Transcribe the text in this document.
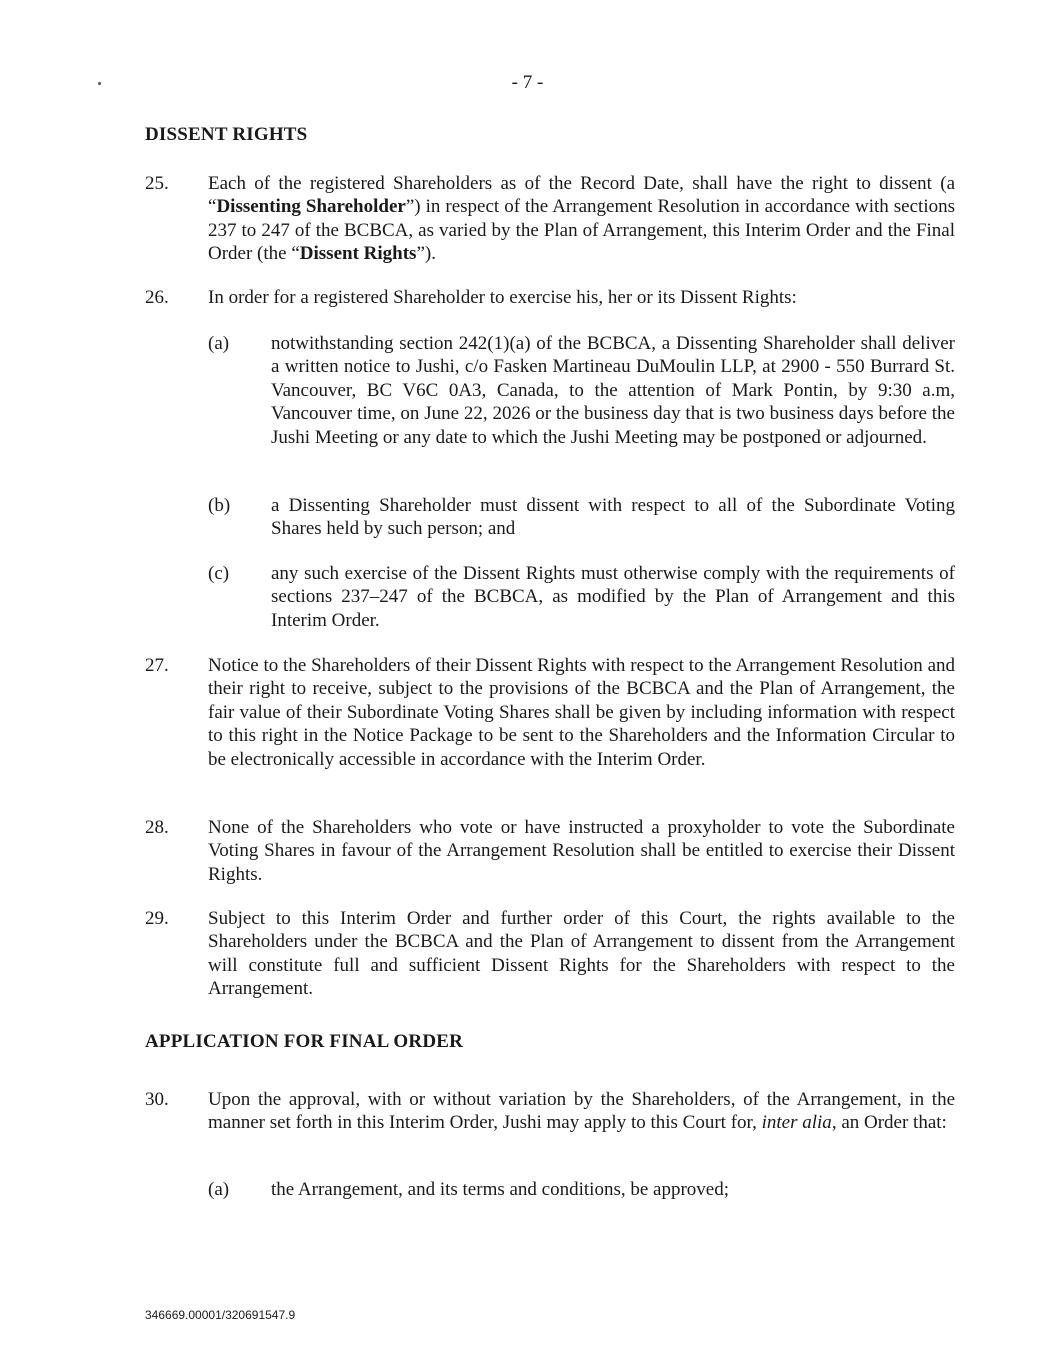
- 7 -
DISSENT RIGHTS
25. Each of the registered Shareholders as of the Record Date, shall have the right to dissent (a “Dissenting Shareholder”) in respect of the Arrangement Resolution in accordance with sections 237 to 247 of the BCBCA, as varied by the Plan of Arrangement, this Interim Order and the Final Order (the “Dissent Rights”).
26. In order for a registered Shareholder to exercise his, her or its Dissent Rights:
(a) notwithstanding section 242(1)(a) of the BCBCA, a Dissenting Shareholder shall deliver a written notice to Jushi, c/o Fasken Martineau DuMoulin LLP, at 2900 - 550 Burrard St. Vancouver, BC V6C 0A3, Canada, to the attention of Mark Pontin, by 9:30 a.m, Vancouver time, on June 22, 2026 or the business day that is two business days before the Jushi Meeting or any date to which the Jushi Meeting may be postponed or adjourned.
(b) a Dissenting Shareholder must dissent with respect to all of the Subordinate Voting Shares held by such person; and
(c) any such exercise of the Dissent Rights must otherwise comply with the requirements of sections 237–247 of the BCBCA, as modified by the Plan of Arrangement and this Interim Order.
27. Notice to the Shareholders of their Dissent Rights with respect to the Arrangement Resolution and their right to receive, subject to the provisions of the BCBCA and the Plan of Arrangement, the fair value of their Subordinate Voting Shares shall be given by including information with respect to this right in the Notice Package to be sent to the Shareholders and the Information Circular to be electronically accessible in accordance with the Interim Order.
28. None of the Shareholders who vote or have instructed a proxyholder to vote the Subordinate Voting Shares in favour of the Arrangement Resolution shall be entitled to exercise their Dissent Rights.
29. Subject to this Interim Order and further order of this Court, the rights available to the Shareholders under the BCBCA and the Plan of Arrangement to dissent from the Arrangement will constitute full and sufficient Dissent Rights for the Shareholders with respect to the Arrangement.
APPLICATION FOR FINAL ORDER
30. Upon the approval, with or without variation by the Shareholders, of the Arrangement, in the manner set forth in this Interim Order, Jushi may apply to this Court for, inter alia, an Order that:
(a) the Arrangement, and its terms and conditions, be approved;
346669.00001/320691547.9
